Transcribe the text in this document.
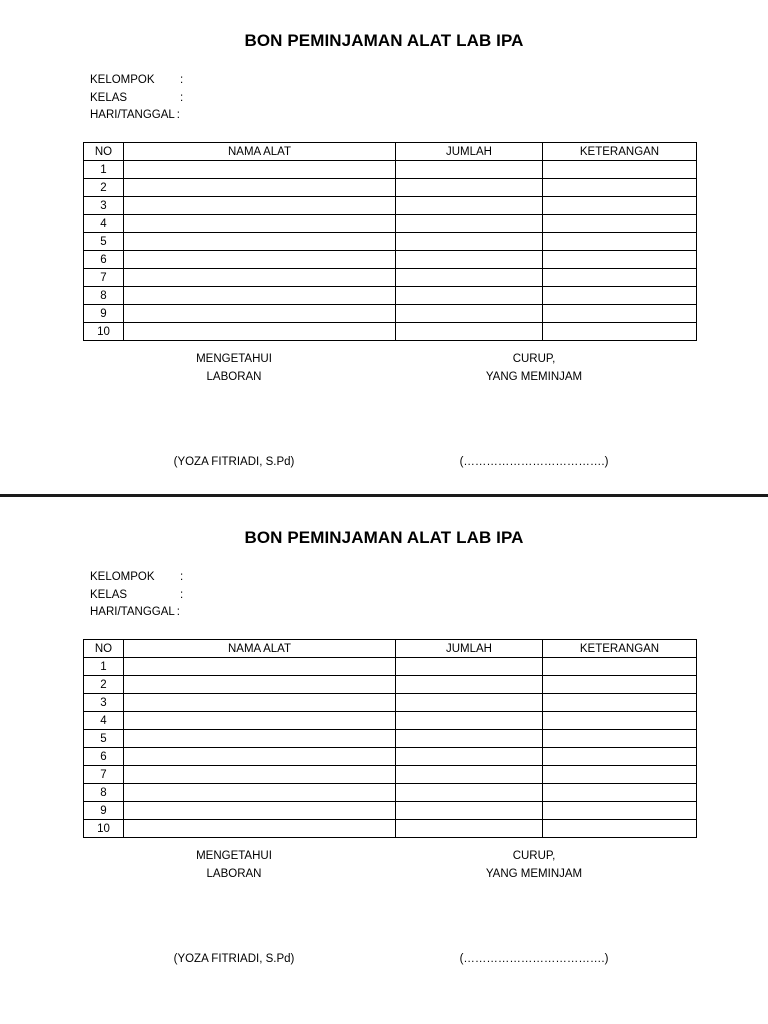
BON PEMINJAMAN ALAT LAB IPA
KELOMPOK	:
KELAS	:
HARI/TANGGAL :
NO	NAMA ALAT	JUMLAH	KETERANGAN
1			
2			
3			
4			
5			
6			
7			
8			
9			
10			
MENGETAHUI
LABORAN
CURUP,
YANG MEMINJAM
(YOZA FITRIADI, S.Pd)	(……………………………….)
BON PEMINJAMAN ALAT LAB IPA
KELOMPOK	:
KELAS	:
HARI/TANGGAL :
NO	NAMA ALAT	JUMLAH	KETERANGAN
1			
2			
3			
4			
5			
6			
7			
8			
9			
10			
MENGETAHUI
LABORAN
CURUP,
YANG MEMINJAM
(YOZA FITRIADI, S.Pd)	(……………………………….)
